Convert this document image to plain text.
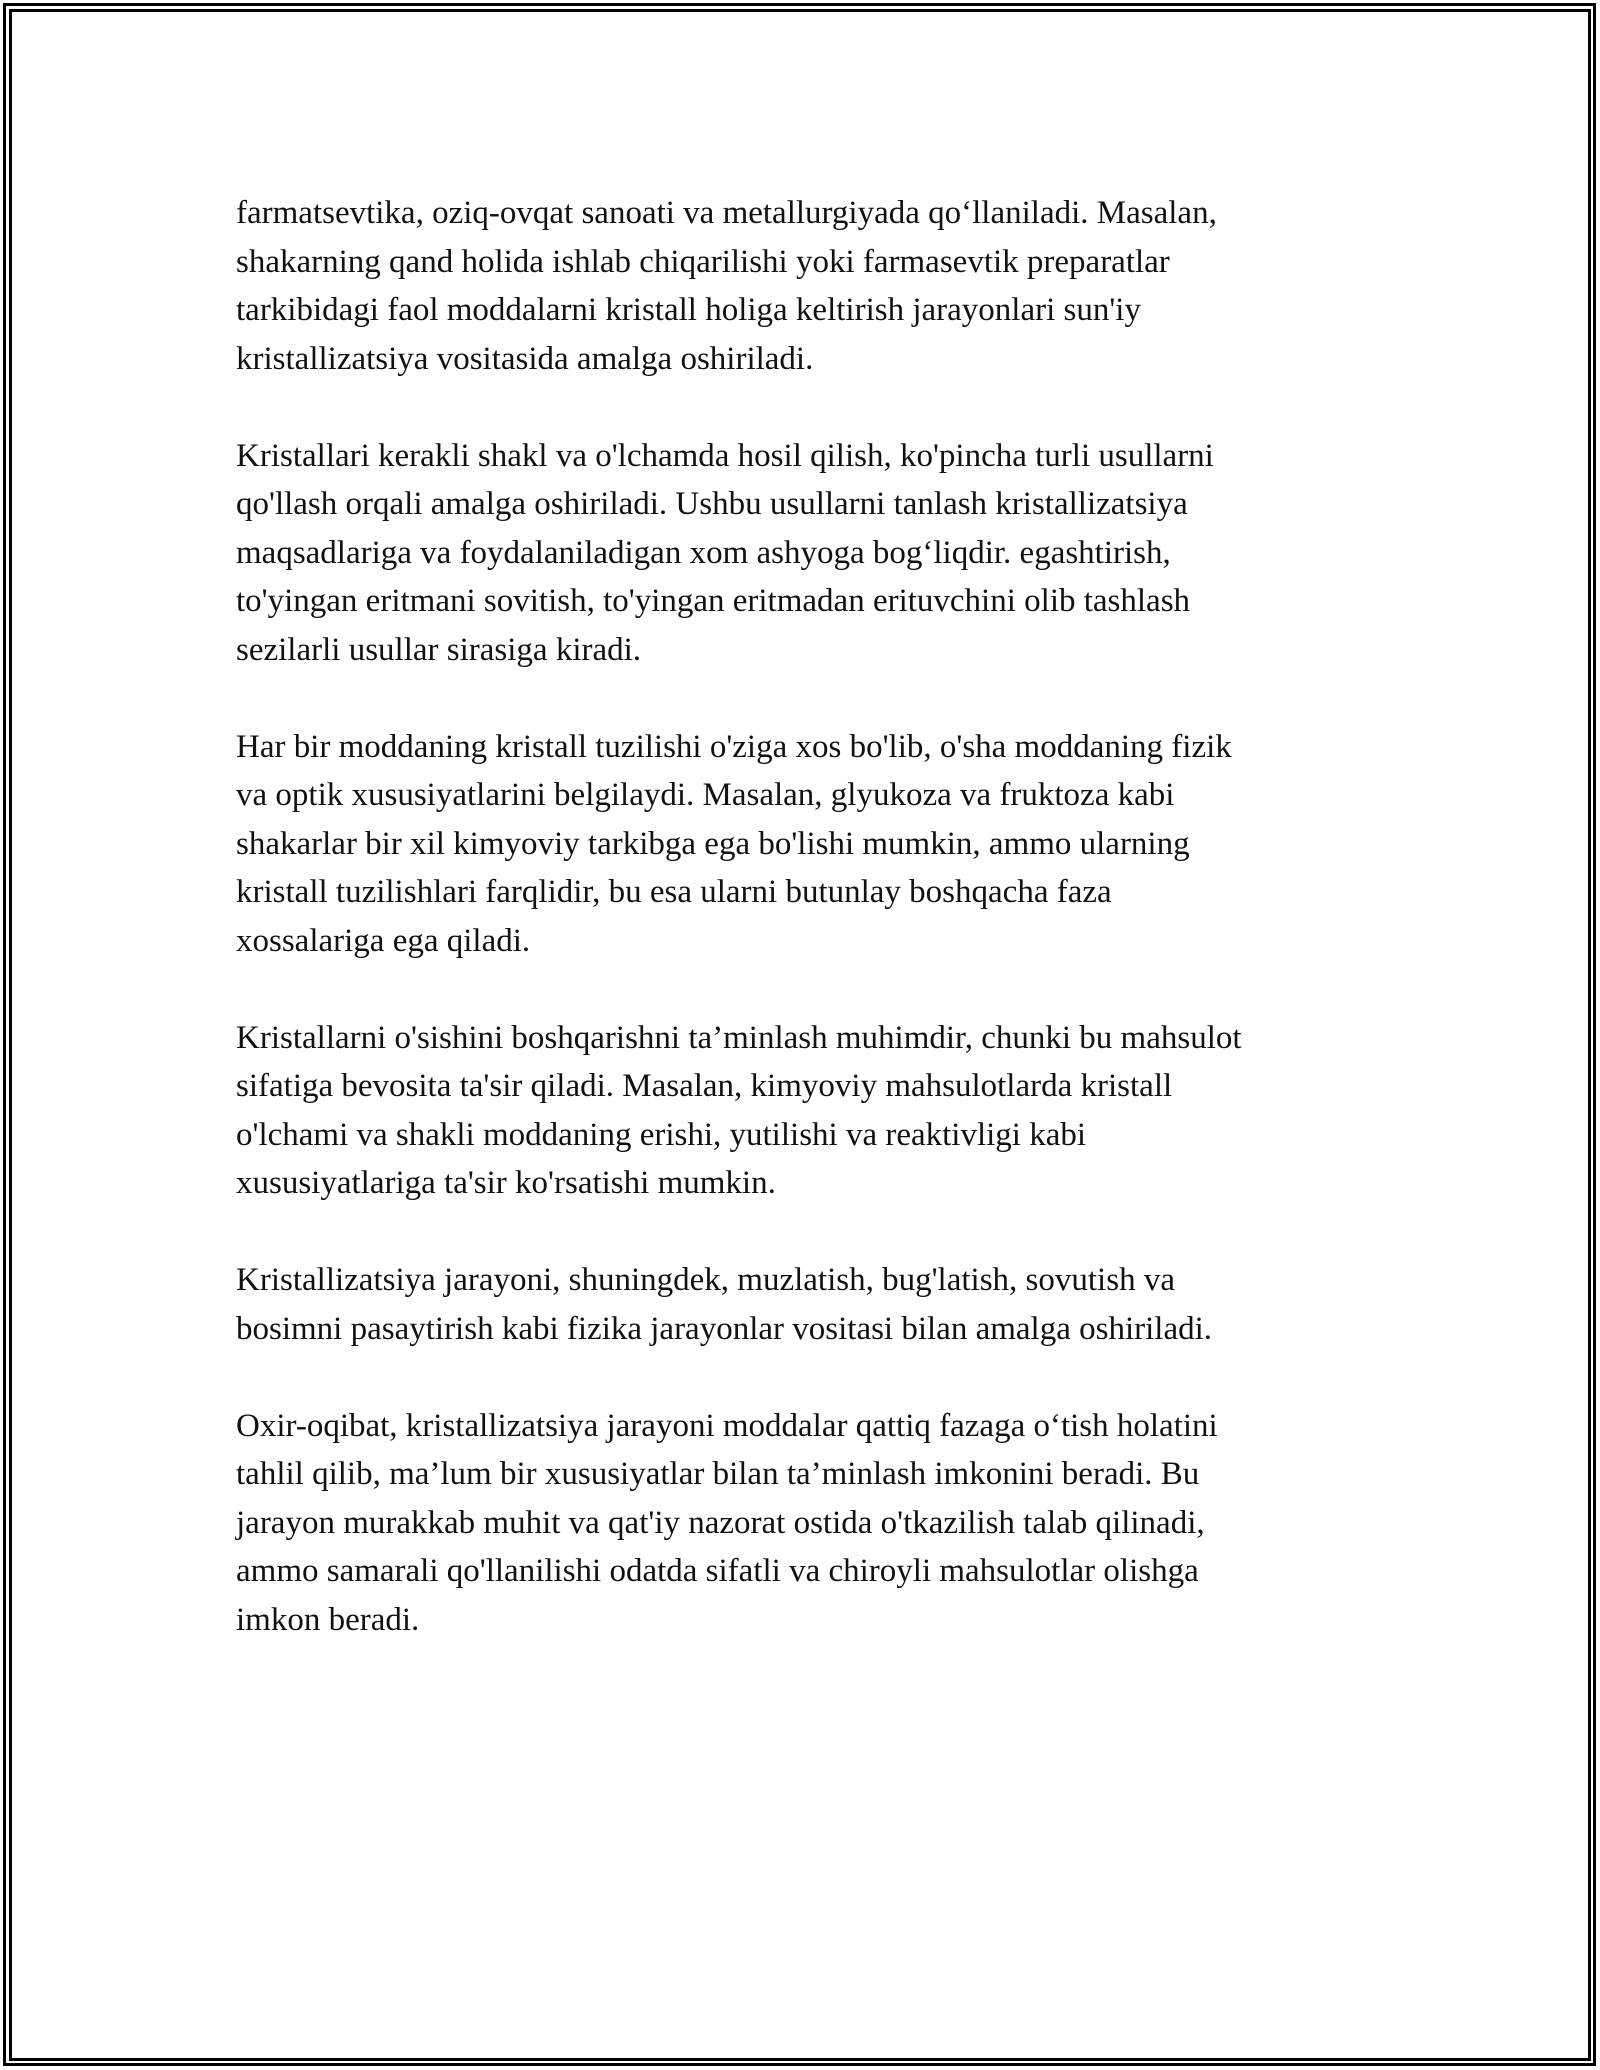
farmatsevtika, oziq-ovqat sanoati va metallurgiyada qo‘llaniladi. Masalan,
shakarning qand holida ishlab chiqarilishi yoki farmasevtik preparatlar
tarkibidagi faol moddalarni kristall holiga keltirish jarayonlari sun'iy
kristallizatsiya vositasida amalga oshiriladi.

Kristallari kerakli shakl va o'lchamda hosil qilish, ko'pincha turli usullarni
qo'llash orqali amalga oshiriladi. Ushbu usullarni tanlash kristallizatsiya
maqsadlariga va foydalaniladigan xom ashyoga bog‘liqdir. egashtirish,
to'yingan eritmani sovitish, to'yingan eritmadan erituvchini olib tashlash
sezilarli usullar sirasiga kiradi.

Har bir moddaning kristall tuzilishi o'ziga xos bo'lib, o'sha moddaning fizik
va optik xususiyatlarini belgilaydi. Masalan, glyukoza va fruktoza kabi
shakarlar bir xil kimyoviy tarkibga ega bo'lishi mumkin, ammo ularning
kristall tuzilishlari farqlidir, bu esa ularni butunlay boshqacha faza
xossalariga ega qiladi.

Kristallarni o'sishini boshqarishni ta’minlash muhimdir, chunki bu mahsulot
sifatiga bevosita ta'sir qiladi. Masalan, kimyoviy mahsulotlarda kristall
o'lchami va shakli moddaning erishi, yutilishi va reaktivligi kabi
xususiyatlariga ta'sir ko'rsatishi mumkin.

Kristallizatsiya jarayoni, shuningdek, muzlatish, bug'latish, sovutish va
bosimni pasaytirish kabi fizika jarayonlar vositasi bilan amalga oshiriladi.

Oxir-oqibat, kristallizatsiya jarayoni moddalar qattiq fazaga o‘tish holatini
tahlil qilib, ma’lum bir xususiyatlar bilan ta’minlash imkonini beradi. Bu
jarayon murakkab muhit va qat'iy nazorat ostida o'tkazilish talab qilinadi,
ammo samarali qo'llanilishi odatda sifatli va chiroyli mahsulotlar olishga
imkon beradi.
